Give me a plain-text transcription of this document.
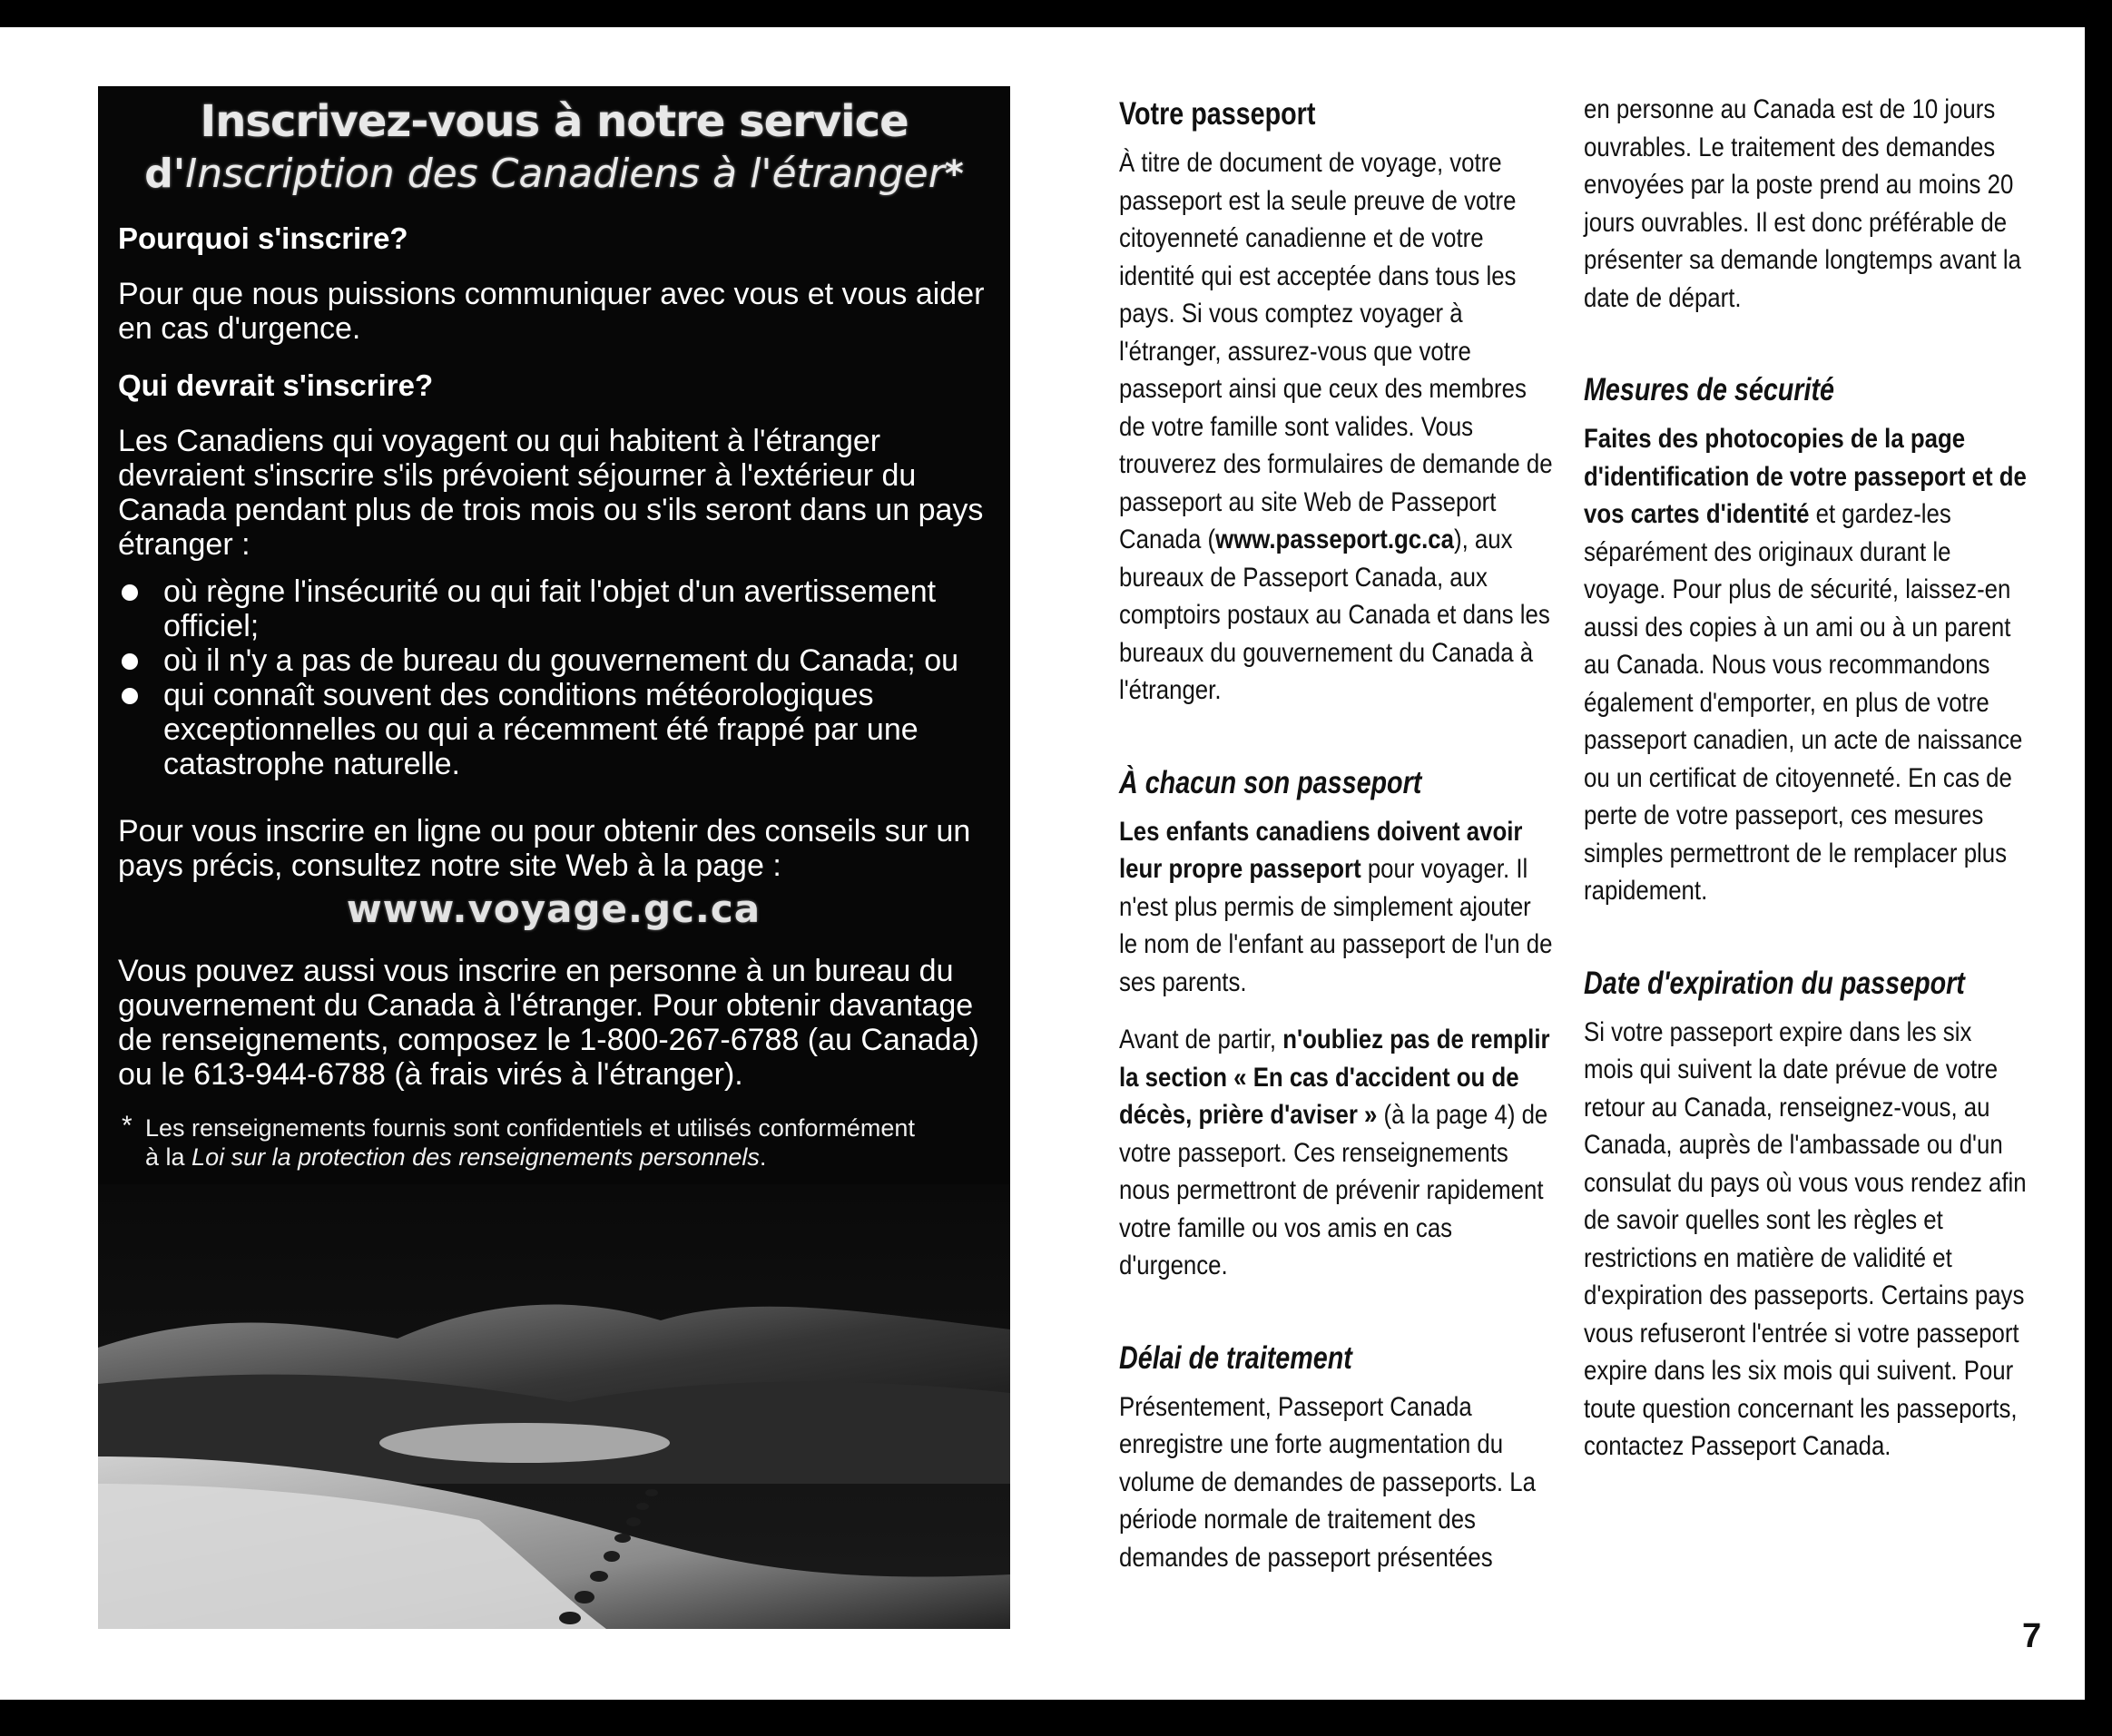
Inscrivez-vous à notre service
d'Inscription des Canadiens à l'étranger*
Pourquoi s'inscrire?

Pour que nous puissions communiquer avec vous et vous aider en cas d'urgence.

Qui devrait s'inscrire?

Les Canadiens qui voyagent ou qui habitent à l'étranger devraient s'inscrire s'ils prévoient séjourner à l'extérieur du Canada pendant plus de trois mois ou s'ils seront dans un pays étranger :

où règne l'insécurité ou qui fait l'objet d'un avertissement officiel;
où il n'y a pas de bureau du gouvernement du Canada; ou
qui connaît souvent des conditions météorologiques exceptionnelles ou qui a récemment été frappé par une catastrophe naturelle.

Pour vous inscrire en ligne ou pour obtenir des conseils sur un pays précis, consultez notre site Web à la page :

www.voyage.gc.ca

Vous pouvez aussi vous inscrire en personne à un bureau du gouvernement du Canada à l'étranger. Pour obtenir davantage de renseignements, composez le 1-800-267-6788 (au Canada) ou le 613-944-6788 (à frais virés à l'étranger).

* Les renseignements fournis sont confidentiels et utilisés conformément
à la Loi sur la protection des renseignements personnels.
Votre passeport

À titre de document de voyage, votre passeport est la seule preuve de votre citoyenneté canadienne et de votre identité qui est acceptée dans tous les pays. Si vous comptez voyager à l'étranger, assurez-vous que votre passeport ainsi que ceux des membres de votre famille sont valides. Vous trouverez des formulaires de demande de passeport au site Web de Passeport Canada (www.passeport.gc.ca), aux bureaux de Passeport Canada, aux comptoirs postaux au Canada et dans les bureaux du gouvernement du Canada à l'étranger.

À chacun son passeport

Les enfants canadiens doivent avoir leur propre passeport pour voyager. Il n'est plus permis de simplement ajouter le nom de l'enfant au passeport de l'un de ses parents.

Avant de partir, n'oubliez pas de remplir la section « En cas d'accident ou de décès, prière d'aviser » (à la page 4) de votre passeport. Ces renseignements nous permettront de prévenir rapidement votre famille ou vos amis en cas d'urgence.

Délai de traitement

Présentement, Passeport Canada enregistre une forte augmentation du volume de demandes de passeports. La période normale de traitement des demandes de passeport présentées

en personne au Canada est de 10 jours ouvrables. Le traitement des demandes envoyées par la poste prend au moins 20 jours ouvrables. Il est donc préférable de présenter sa demande longtemps avant la date de départ.

Mesures de sécurité

Faites des photocopies de la page d'identification de votre passeport et de vos cartes d'identité et gardez-les séparément des originaux durant le voyage. Pour plus de sécurité, laissez-en aussi des copies à un ami ou à un parent au Canada. Nous vous recommandons également d'emporter, en plus de votre passeport canadien, un acte de naissance ou un certificat de citoyenneté. En cas de perte de votre passeport, ces mesures simples permettront de le remplacer plus rapidement.

Date d'expiration du passeport

Si votre passeport expire dans les six mois qui suivent la date prévue de votre retour au Canada, renseignez-vous, au Canada, auprès de l'ambassade ou d'un consulat du pays où vous vous rendez afin de savoir quelles sont les règles et restrictions en matière de validité et d'expiration des passeports. Certains pays vous refuseront l'entrée si votre passeport expire dans les six mois qui suivent. Pour toute question concernant les passeports, contactez Passeport Canada.

7
